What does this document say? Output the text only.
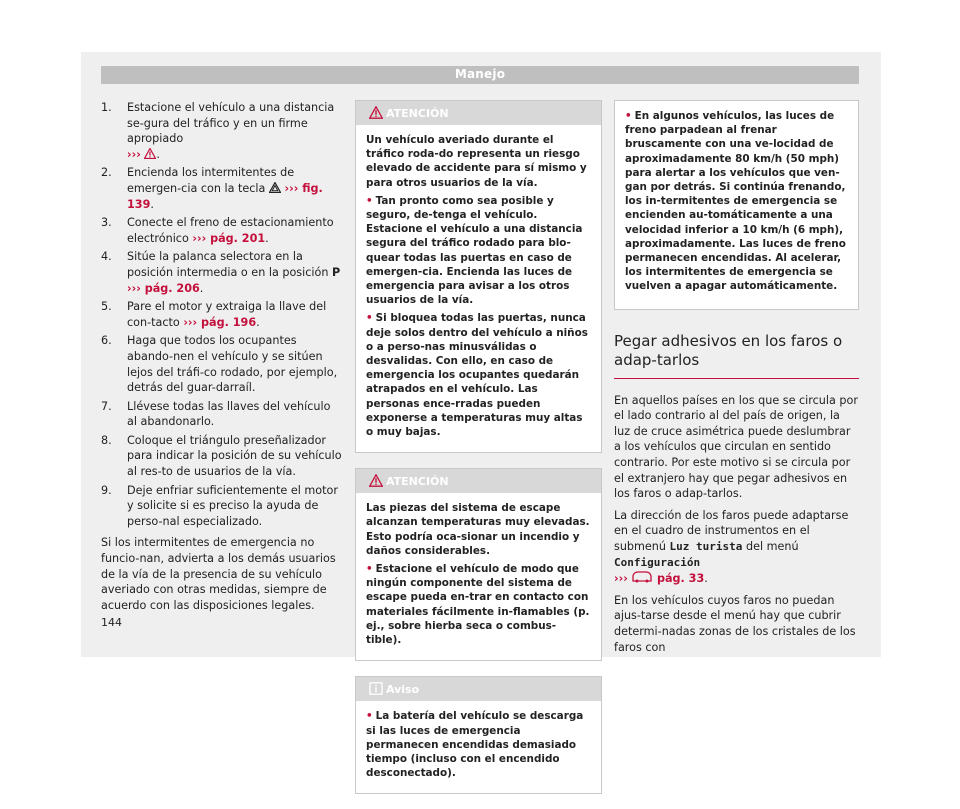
Manejo
1. Estacione el vehículo a una distancia se-gura del tráfico y en un firme apropiado
››› .
2. Encienda los intermitentes de emergen-cia con la tecla ››› fig. 139.
3. Conecte el freno de estacionamiento electrónico ››› pág. 201.
4. Sitúe la palanca selectora en la posición intermedia o en la posición P
››› pág. 206.
5. Pare el motor y extraiga la llave del con-tacto ››› pág. 196.
6. Haga que todos los ocupantes abando-nen el vehículo y se sitúen lejos del tráfi-co rodado, por ejemplo, detrás del guar-darraíl.
7. Llévese todas las llaves del vehículo al abandonarlo.
8. Coloque el triángulo preseñalizador para indicar la posición de su vehículo al res-to de usuarios de la vía.
9. Deje enfriar suficientemente el motor y solicite si es preciso la ayuda de perso-nal especializado.
Si los intermitentes de emergencia no funcio-nan, advierta a los demás usuarios de la vía de la presencia de su vehículo averiado con otras medidas, siempre de acuerdo con las disposiciones legales.
ATENCIÓN

Un vehículo averiado durante el tráfico roda-do representa un riesgo elevado de accidente para sí mismo y para otros usuarios de la vía.

• Tan pronto como sea posible y seguro, de-tenga el vehículo. Estacione el vehículo a una distancia segura del tráfico rodado para blo-quear todas las puertas en caso de emergen-cia. Encienda las luces de emergencia para avisar a los otros usuarios de la vía.

• Si bloquea todas las puertas, nunca deje solos dentro del vehículo a niños o a perso-nas minusválidas o desvalidas. Con ello, en caso de emergencia los ocupantes quedarán atrapados en el vehículo. Las personas ence-rradas pueden exponerse a temperaturas muy altas o muy bajas.

ATENCIÓN

Las piezas del sistema de escape alcanzan temperaturas muy elevadas. Esto podría oca-sionar un incendio y daños considerables.

• Estacione el vehículo de modo que ningún componente del sistema de escape pueda en-trar en contacto con materiales fácilmente in-flamables (p. ej., sobre hierba seca o combus-tible).

Aviso

• La batería del vehículo se descarga si las luces de emergencia permanecen encendidas demasiado tiempo (incluso con el encendido desconectado).

• En algunos vehículos, las luces de freno parpadean al frenar bruscamente con una ve-locidad de aproximadamente 80 km/h (50 mph) para alertar a los vehículos que ven-gan por detrás. Si continúa frenando, los in-termitentes de emergencia se encienden au-tomáticamente a una velocidad inferior a 10 km/h (6 mph), aproximadamente. Las luces de freno permanecen encendidas. Al acelerar, los intermitentes de emergencia se vuelven a apagar automáticamente.

Pegar adhesivos en los faros o adap-tarlos

En aquellos países en los que se circula por el lado contrario al del país de origen, la luz de cruce asimétrica puede deslumbrar a los vehículos que circulan en sentido contrario. Por este motivo si se circula por el extranjero hay que pegar adhesivos en los faros o adap-tarlos.

La dirección de los faros puede adaptarse en el cuadro de instrumentos en el submenú Luz turista del menú Configuración
›››	pág. 33.

En los vehículos cuyos faros no puedan ajus-tarse desde el menú hay que cubrir determi-nadas zonas de los cristales de los faros con

144
